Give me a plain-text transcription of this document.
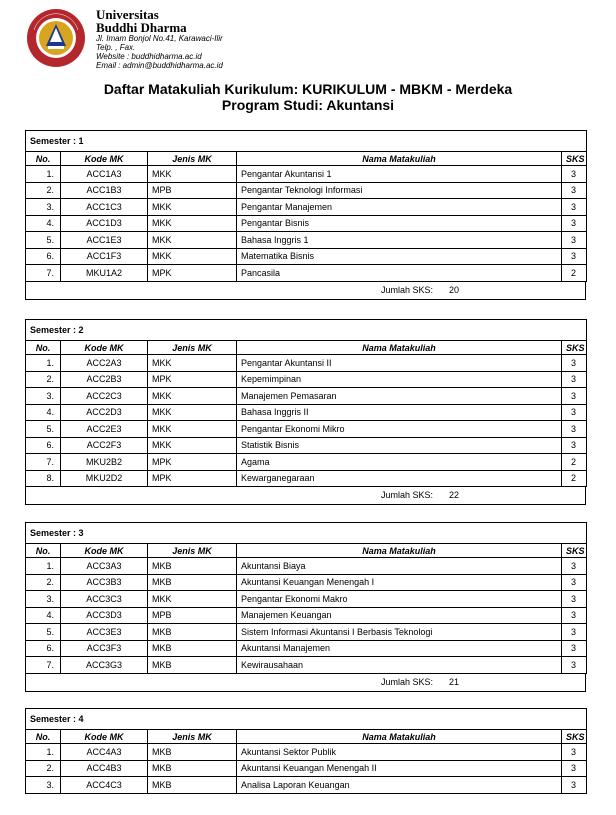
Universitas
Buddhi Dharma
Jl. Imam Bonjol No.41, Karawaci-Ilir
Telp. , Fax.
Website : buddhidharma.ac.id
Email : admin@buddhidharma.ac.id
Daftar Matakuliah Kurikulum: KURIKULUM - MBKM - Merdeka
Program Studi: Akuntansi
Semester : 1				
No.	Kode MK	Jenis MK	Nama Matakuliah	SKS
1.	ACC1A3	MKK	Pengantar Akuntansi 1	3
2.	ACC1B3	MPB	Pengantar Teknologi Informasi	3
3.	ACC1C3	MKK	Pengantar Manajemen	3
4.	ACC1D3	MKK	Pengantar Bisnis	3
5.	ACC1E3	MKK	Bahasa Inggris 1	3
6.	ACC1F3	MKK	Matematika Bisnis	3
7.	MKU1A2	MPK	Pancasila	2
Jumlah SKS: 20
Semester : 2				
No.	Kode MK	Jenis MK	Nama Matakuliah	SKS
1.	ACC2A3	MKK	Pengantar Akuntansi II	3
2.	ACC2B3	MPK	Kepemimpinan	3
3.	ACC2C3	MKK	Manajemen Pemasaran	3
4.	ACC2D3	MKK	Bahasa Inggris II	3
5.	ACC2E3	MKK	Pengantar Ekonomi Mikro	3
6.	ACC2F3	MKK	Statistik Bisnis	3
7.	MKU2B2	MPK	Agama	2
8.	MKU2D2	MPK	Kewarganegaraan	2
Jumlah SKS: 22
Semester : 3				
No.	Kode MK	Jenis MK	Nama Matakuliah	SKS
1.	ACC3A3	MKB	Akuntansi Biaya	3
2.	ACC3B3	MKB	Akuntansi Keuangan Menengah I	3
3.	ACC3C3	MKK	Pengantar Ekonomi Makro	3
4.	ACC3D3	MPB	Manajemen Keuangan	3
5.	ACC3E3	MKB	Sistem Informasi Akuntansi I Berbasis Teknologi	3
6.	ACC3F3	MKB	Akuntansi Manajemen	3
7.	ACC3G3	MKB	Kewirausahaan	3
Jumlah SKS: 21
Semester : 4				
No.	Kode MK	Jenis MK	Nama Matakuliah	SKS
1.	ACC4A3	MKB	Akuntansi Sektor Publik	3
2.	ACC4B3	MKB	Akuntansi Keuangan Menengah II	3
3.	ACC4C3	MKB	Analisa Laporan Keuangan	3
